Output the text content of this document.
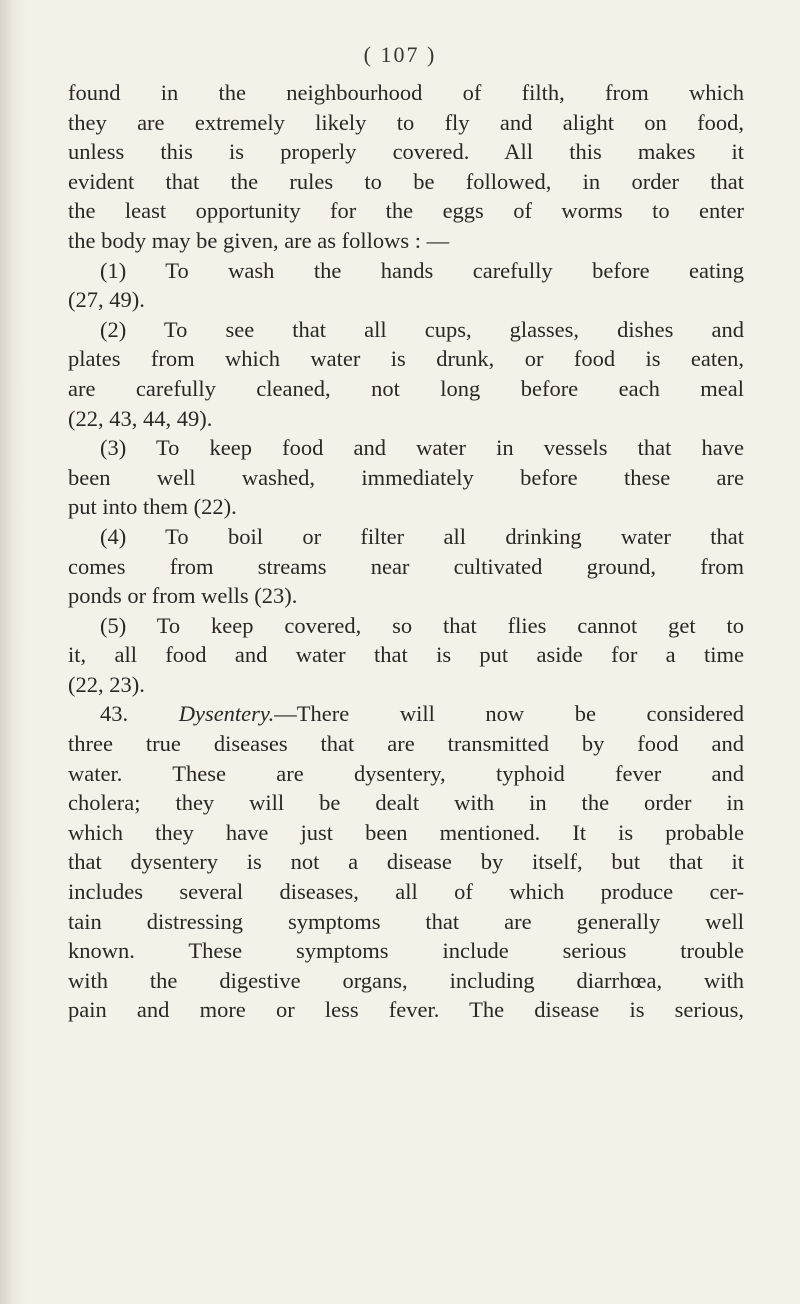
( 107 )
found in the neighbourhood of filth, from which
they are extremely likely to fly and alight on food,
unless this is properly covered. All this makes it
evident that the rules to be followed, in order that
the least opportunity for the eggs of worms to enter
the body may be given, are as follows : —
(1) To wash the hands carefully before eating
(27, 49).
(2) To see that all cups, glasses, dishes and
plates from which water is drunk, or food is eaten,
are carefully cleaned, not long before each meal
(22, 43, 44, 49).
(3) To keep food and water in vessels that have
been well washed, immediately before these are
put into them (22).
(4) To boil or filter all drinking water that
comes from streams near cultivated ground, from
ponds or from wells (23).
(5) To keep covered, so that flies cannot get to
it, all food and water that is put aside for a time
(22, 23).
43. Dysentery.—There will now be considered
three true diseases that are transmitted by food and
water. These are dysentery, typhoid fever and
cholera; they will be dealt with in the order in
which they have just been mentioned. It is probable
that dysentery is not a disease by itself, but that it
includes several diseases, all of which produce cer-
tain distressing symptoms that are generally well
known. These symptoms include serious trouble
with the digestive organs, including diarrhœa, with
pain and more or less fever. The disease is serious,
